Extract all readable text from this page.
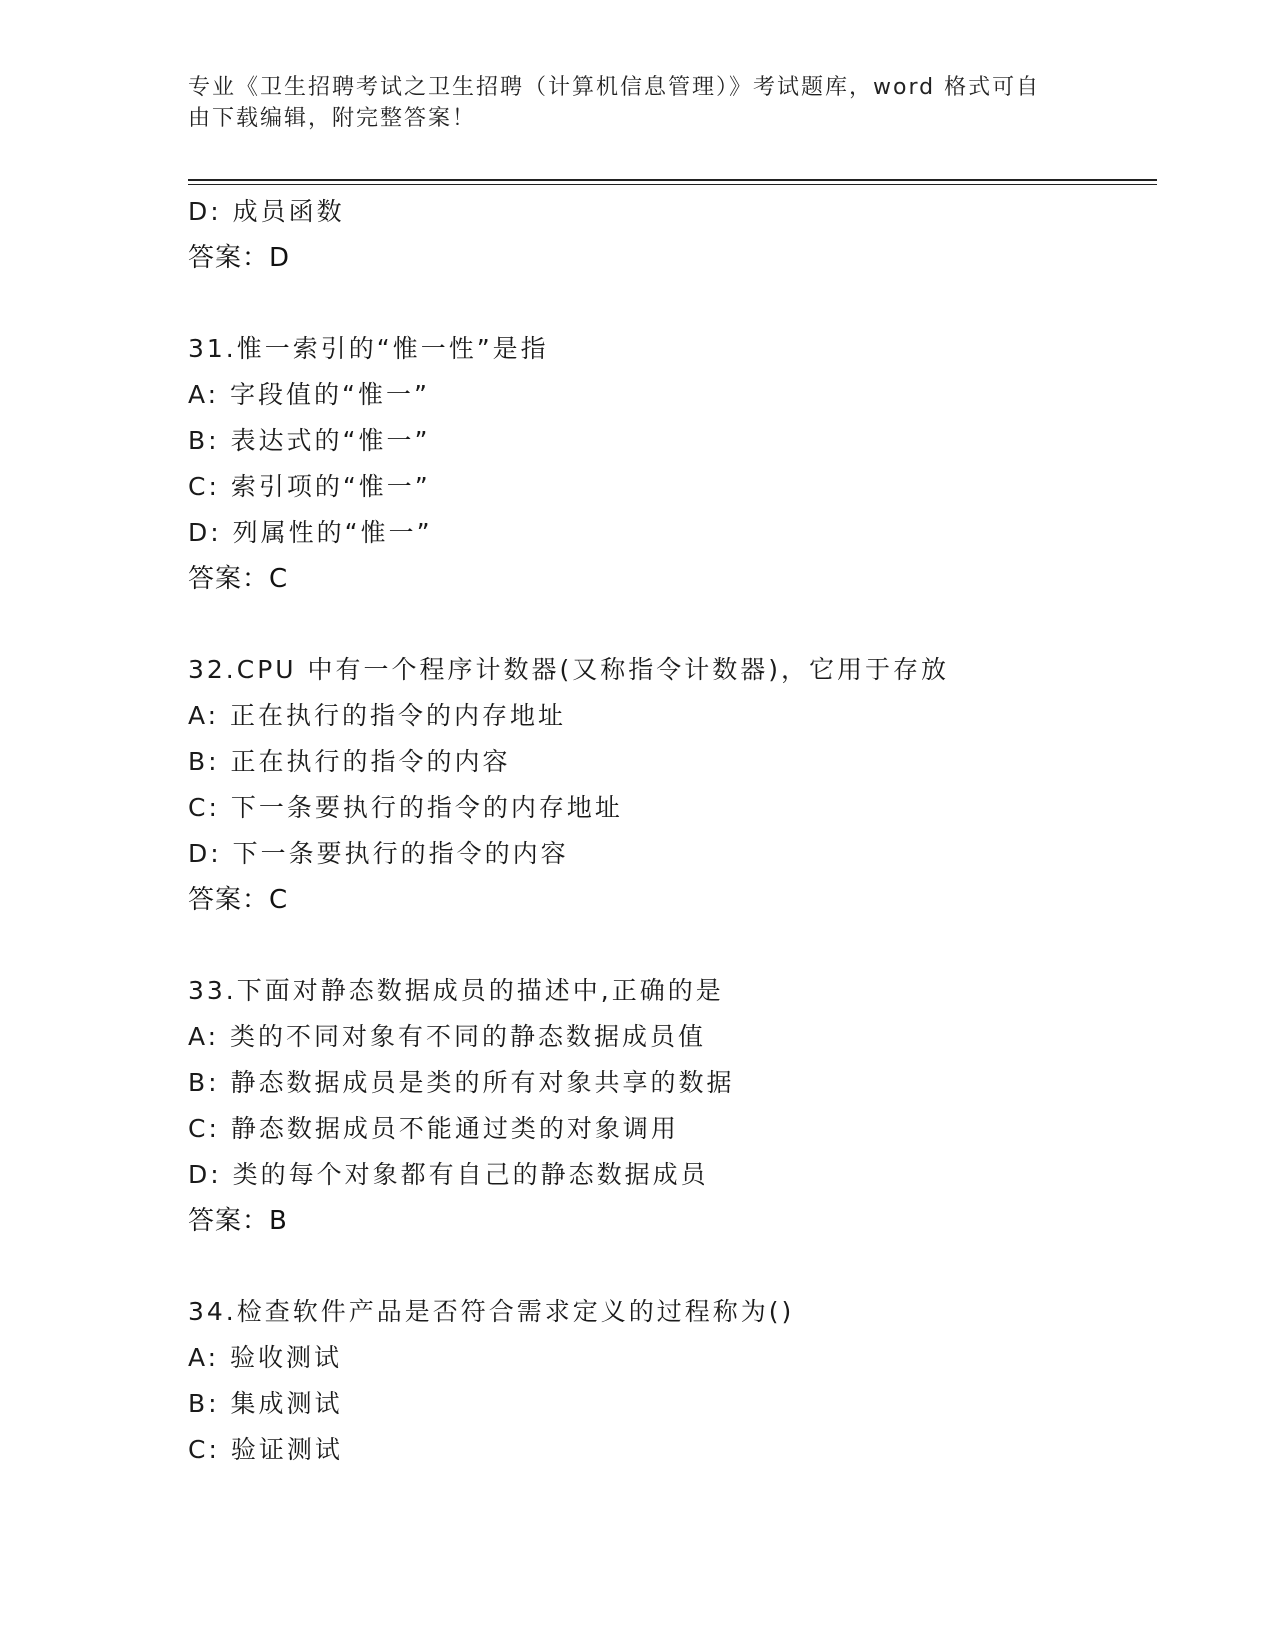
专业《卫生招聘考试之卫生招聘（计算机信息管理）》考试题库，word 格式可自
由下载编辑，附完整答案！
D: 成员函数
答案：D
31.惟一索引的“惟一性”是指
A: 字段值的“惟一”
B: 表达式的“惟一”
C: 索引项的“惟一”
D: 列属性的“惟一”
答案：C
32.CPU 中有一个程序计数器(又称指令计数器)，它用于存放
A: 正在执行的指令的内存地址
B: 正在执行的指令的内容
C: 下一条要执行的指令的内存地址
D: 下一条要执行的指令的内容
答案：C
33.下面对静态数据成员的描述中,正确的是
A: 类的不同对象有不同的静态数据成员值
B: 静态数据成员是类的所有对象共享的数据
C: 静态数据成员不能通过类的对象调用
D: 类的每个对象都有自己的静态数据成员
答案：B
34.检查软件产品是否符合需求定义的过程称为()
A: 验收测试
B: 集成测试
C: 验证测试
